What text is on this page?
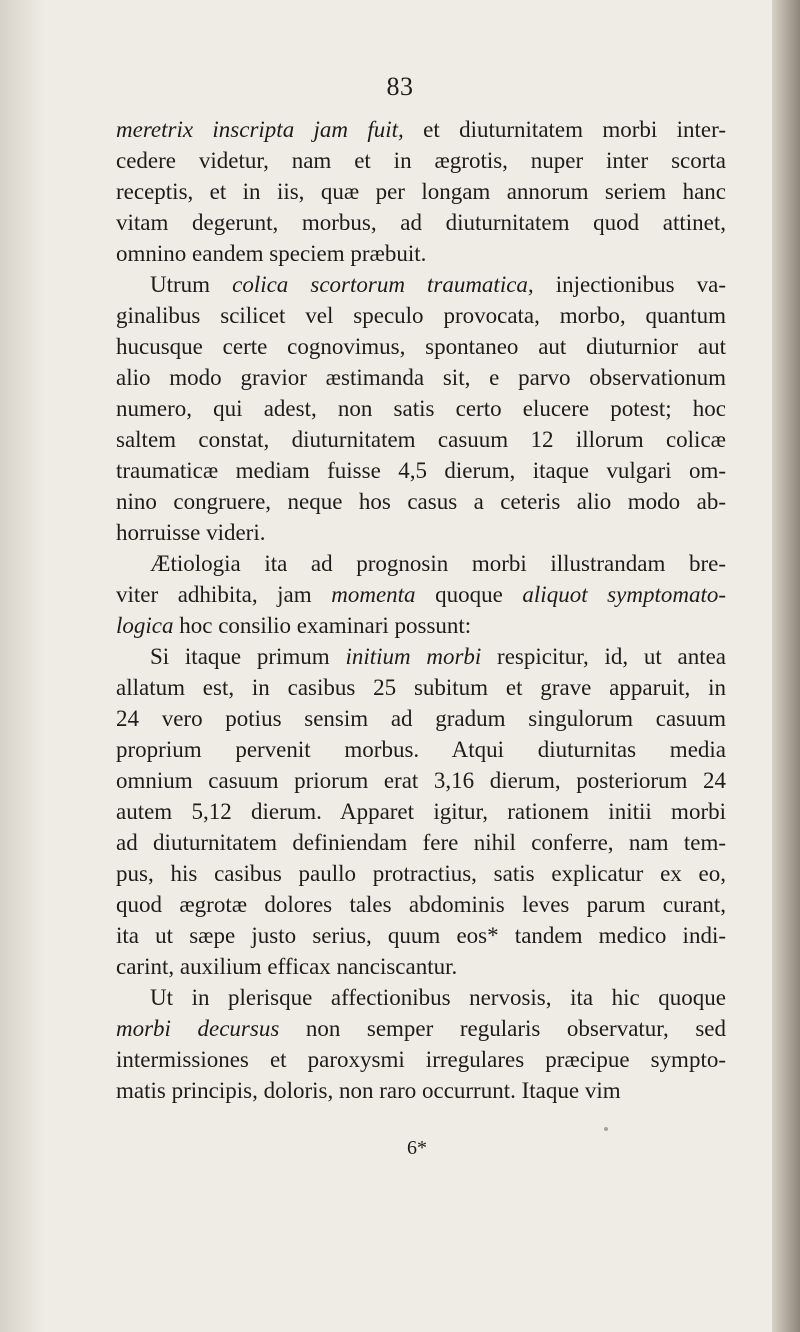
83
meretrix inscripta jam fuit, et diuturnitatem morbi inter-
cedere videtur, nam et in ægrotis, nuper inter scorta
receptis, et in iis, quæ per longam annorum seriem hanc
vitam degerunt, morbus, ad diuturnitatem quod attinet,
omnino eandem speciem præbuit.
Utrum colica scortorum traumatica, injectionibus va-
ginalibus scilicet vel speculo provocata, morbo, quantum
hucusque certe cognovimus, spontaneo aut diuturnior aut
alio modo gravior æstimanda sit, e parvo observationum
numero, qui adest, non satis certo elucere potest; hoc
saltem constat, diuturnitatem casuum 12 illorum colicæ
traumaticæ mediam fuisse 4,5 dierum, itaque vulgari om-
nino congruere, neque hos casus a ceteris alio modo ab-
horruisse videri.
Ætiologia ita ad prognosin morbi illustrandam bre-
viter adhibita, jam momenta quoque aliquot symptomato-
logica hoc consilio examinari possunt:
Si itaque primum initium morbi respicitur, id, ut antea
allatum est, in casibus 25 subitum et grave apparuit, in
24 vero potius sensim ad gradum singulorum casuum
proprium pervenit morbus. Atqui diuturnitas media
omnium casuum priorum erat 3,16 dierum, posteriorum 24
autem 5,12 dierum. Apparet igitur, rationem initii morbi
ad diuturnitatem definiendam fere nihil conferre, nam tem-
pus, his casibus paullo protractius, satis explicatur ex eo,
quod ægrotæ dolores tales abdominis leves parum curant,
ita ut sæpe justo serius, quum eos* tandem medico indi-
carint, auxilium efficax nanciscantur.
Ut in plerisque affectionibus nervosis, ita hic quoque
morbi decursus non semper regularis observatur, sed
intermissiones et paroxysmi irregulares præcipue sympto-
matis principis, doloris, non raro occurrunt. Itaque vim
6*
